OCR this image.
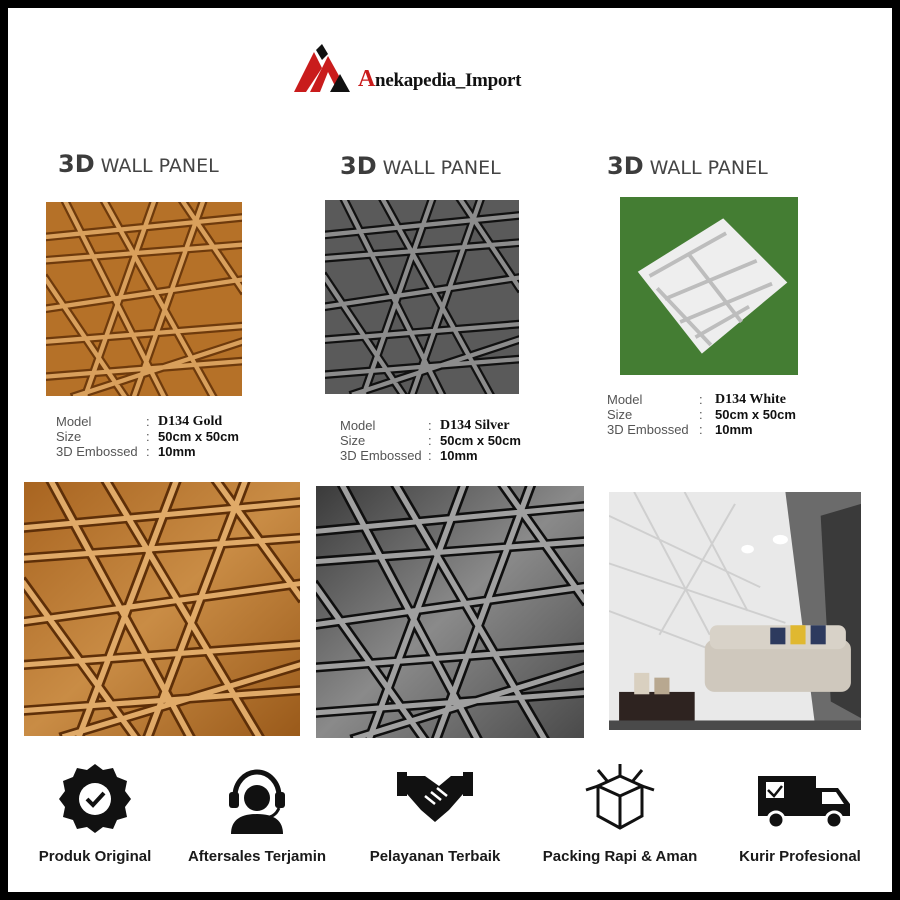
Anekapedia_Import
3D WALL PANEL	3D WALL PANEL	3D WALL PANEL
Model	: D134 Gold
Size	: 50cm x 50cm
3D Embossed : 10mm
Model	: D134 Silver
Size	: 50cm x 50cm
3D Embossed : 10mm
Model	: D134 White
Size	: 50cm x 50cm
3D Embossed : 10mm
Produk Original	Aftersales Terjamin	Pelayanan Terbaik	Packing Rapi & Aman	Kurir Profesional
